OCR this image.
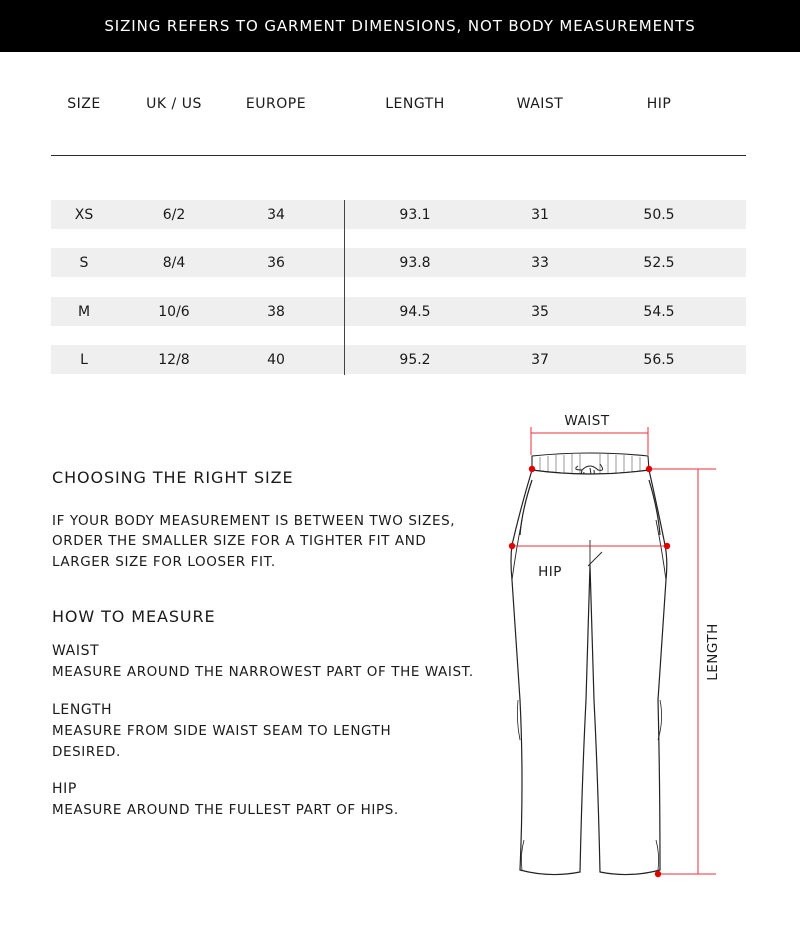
SIZING REFERS TO GARMENT DIMENSIONS, NOT BODY MEASUREMENTS
SIZE	UK / US	EUROPE	LENGTH	WAIST	HIP
XS	6/2	34	93.1	31	50.5
S	8/4	36	93.8	33	52.5
M	10/6	38	94.5	35	54.5
L	12/8	40	95.2	37	56.5
CHOOSING THE RIGHT SIZE
IF YOUR BODY MEASUREMENT IS BETWEEN TWO SIZES,
ORDER THE SMALLER SIZE FOR A TIGHTER FIT AND
LARGER SIZE FOR LOOSER FIT.
HOW TO MEASURE
WAIST
MEASURE AROUND THE NARROWEST PART OF THE WAIST.
LENGTH
MEASURE FROM SIDE WAIST SEAM TO LENGTH
DESIRED.
HIP
MEASURE AROUND THE FULLEST PART OF HIPS.
WAIST
HIP
LENGTH
